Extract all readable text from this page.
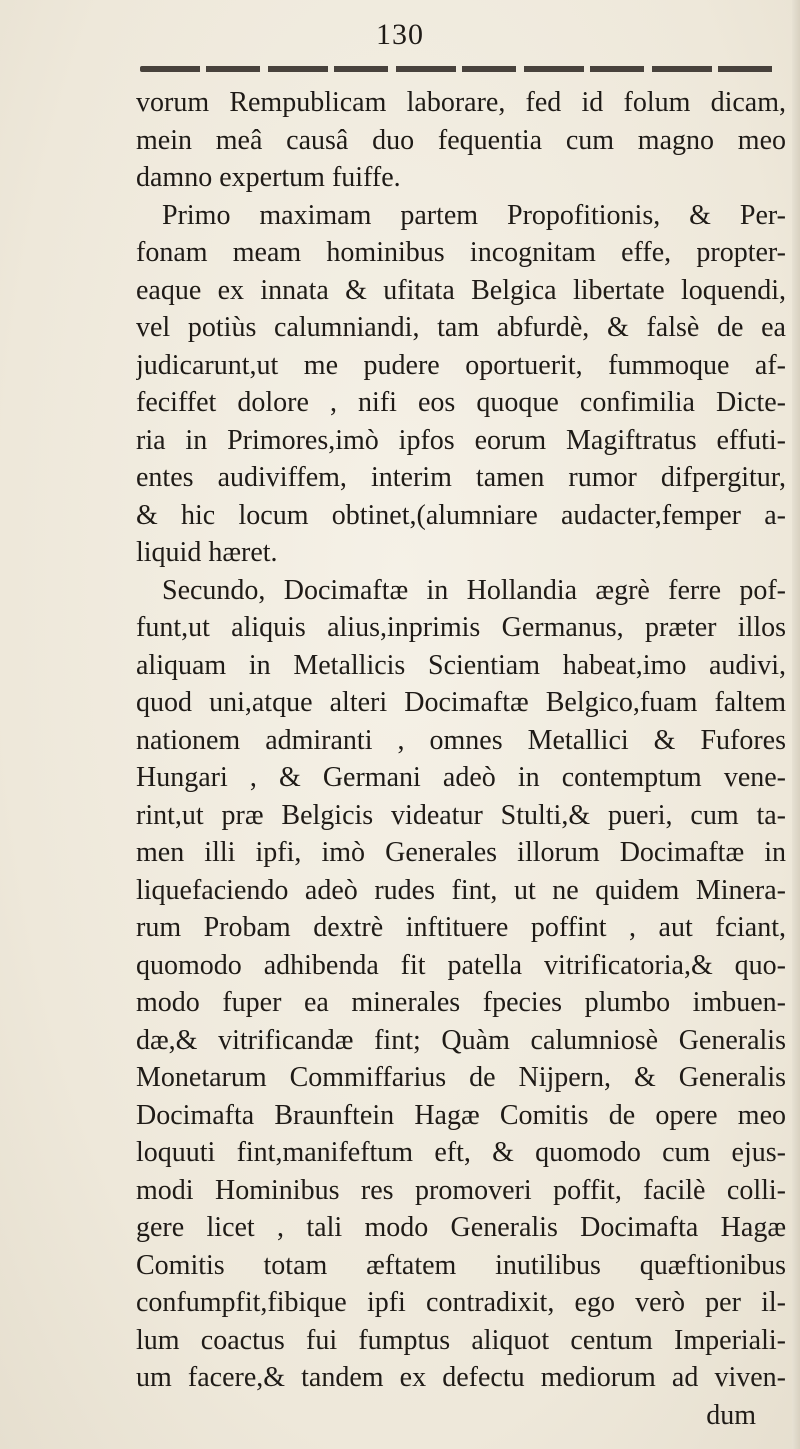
130
vorum Rempublicam laborare, fed id folum dicam,
mein meâ causâ duo fequentia cum magno meo
damno expertum fuiffe.
Primo maximam partem Propofitionis, & Per-
fonam meam hominibus incognitam effe, propter-
eaque ex innata & ufitata Belgica libertate loquendi,
vel potiùs calumniandi, tam abfurdè, & falsè de ea
judicarunt,ut me pudere oportuerit, fummoque af-
feciffet dolore , nifi eos quoque confimilia Dicte-
ria in Primores,imò ipfos eorum Magiftratus effuti-
entes audiviffem, interim tamen rumor difpergitur,
& hic locum obtinet,(alumniare audacter,femper a-
liquid hæret.
Secundo, Docimaftæ in Hollandia ægrè ferre pof-
funt,ut aliquis alius,inprimis Germanus, præter illos
aliquam in Metallicis Scientiam habeat,imo audivi,
quod uni,atque alteri Docimaftæ Belgico,fuam faltem
nationem admiranti , omnes Metallici & Fufores
Hungari , & Germani adeò in contemptum vene-
rint,ut præ Belgicis videatur Stulti,& pueri, cum ta-
men illi ipfi, imò Generales illorum Docimaftæ in
liquefaciendo adeò rudes fint, ut ne quidem Minera-
rum Probam dextrè inftituere poffint , aut fciant,
quomodo adhibenda fit patella vitrificatoria,& quo-
modo fuper ea minerales fpecies plumbo imbuen-
dæ,& vitrificandæ fint; Quàm calumniosè Generalis
Monetarum Commiffarius de Nijpern, & Generalis
Docimafta Braunftein Hagæ Comitis de opere meo
loquuti fint,manifeftum eft, & quomodo cum ejus-
modi Hominibus res promoveri poffit, facilè colli-
gere licet , tali modo Generalis Docimafta Hagæ
Comitis totam æftatem inutilibus quæftionibus
confumpfit,fibique ipfi contradixit, ego verò per il-
lum coactus fui fumptus aliquot centum Imperiali-
um facere,& tandem ex defectu mediorum ad viven-
dum
